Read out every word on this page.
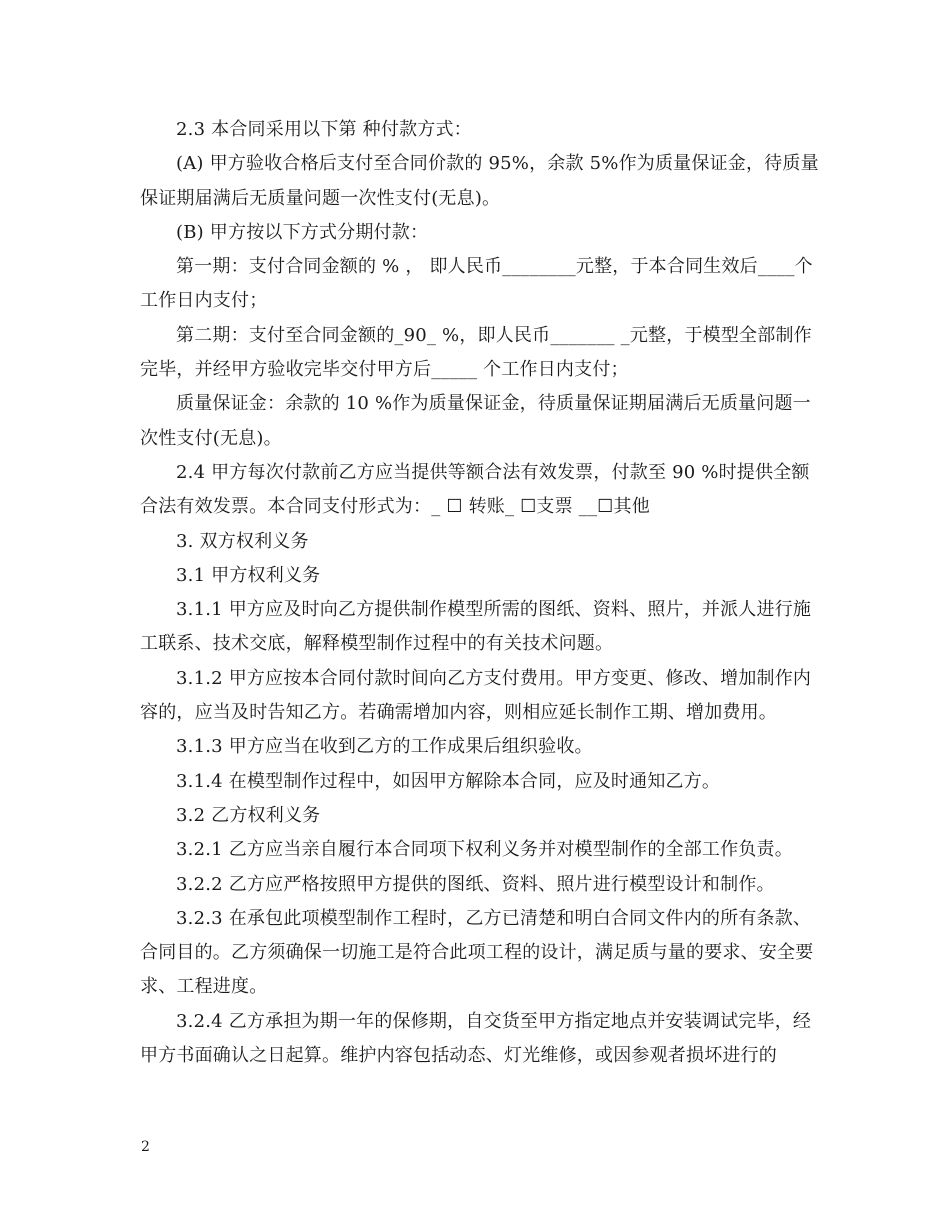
2.3 本合同采用以下第 种付款方式：

(A) 甲方验收合格后支付至合同价款的 95%，余款 5%作为质量保证金，待质量保证期届满后无质量问题一次性支付(无息)。

(B) 甲方按以下方式分期付款：

第一期：支付合同金额的 % ， 即人民币________元整，于本合同生效后____个工作日内支付；

第二期：支付至合同金额的_90_ %，即人民币_______ _元整，于模型全部制作完毕，并经甲方验收完毕交付甲方后_____ 个工作日内支付；

质量保证金：余款的 10 %作为质量保证金，待质量保证期届满后无质量问题一次性支付(无息)。

2.4 甲方每次付款前乙方应当提供等额合法有效发票，付款至 90 %时提供全额合法有效发票。本合同支付形式为：_ ☐ 转账_ ☐支票 __☐其他

3. 双方权利义务

3.1 甲方权利义务

3.1.1 甲方应及时向乙方提供制作模型所需的图纸、资料、照片，并派人进行施工联系、技术交底，解释模型制作过程中的有关技术问题。

3.1.2 甲方应按本合同付款时间向乙方支付费用。甲方变更、修改、增加制作内容的，应当及时告知乙方。若确需增加内容，则相应延长制作工期、增加费用。

3.1.3 甲方应当在收到乙方的工作成果后组织验收。

3.1.4 在模型制作过程中，如因甲方解除本合同，应及时通知乙方。

3.2 乙方权利义务

3.2.1 乙方应当亲自履行本合同项下权利义务并对模型制作的全部工作负责。

3.2.2 乙方应严格按照甲方提供的图纸、资料、照片进行模型设计和制作。

3.2.3 在承包此项模型制作工程时，乙方已清楚和明白合同文件内的所有条款、合同目的。乙方须确保一切施工是符合此项工程的设计，满足质与量的要求、安全要求、工程进度。

3.2.4 乙方承担为期一年的保修期，自交货至甲方指定地点并安装调试完毕，经甲方书面确认之日起算。维护内容包括动态、灯光维修，或因参观者损坏进行的

2
